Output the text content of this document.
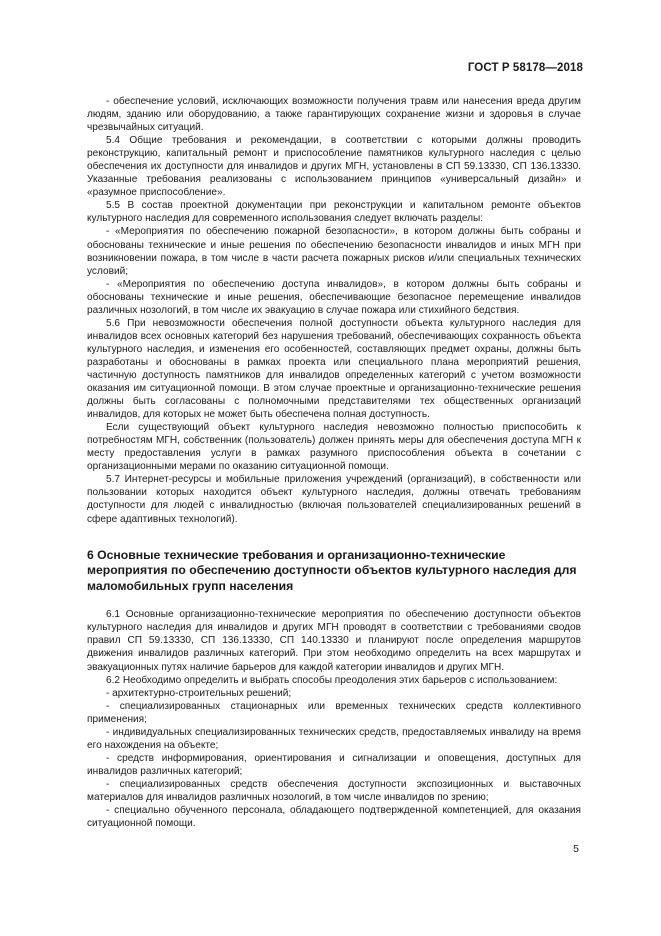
ГОСТ Р 58178—2018

- обеспечение условий, исключающих возможности получения травм или нанесения вреда другим людям, зданию или оборудованию, а также гарантирующих сохранение жизни и здоровья в случае чрезвычайных ситуаций.

5.4 Общие требования и рекомендации, в соответствии с которыми должны проводить реконструкцию, капитальный ремонт и приспособление памятников культурного наследия с целью обеспечения их доступности для инвалидов и других МГН, установлены в СП 59.13330, СП 136.13330. Указанные требования реализованы с использованием принципов «универсальный дизайн» и «разумное приспособление».

5.5 В состав проектной документации при реконструкции и капитальном ремонте объектов культурного наследия для современного использования следует включать разделы:

- «Мероприятия по обеспечению пожарной безопасности», в котором должны быть собраны и обоснованы технические и иные решения по обеспечению безопасности инвалидов и иных МГН при возникновении пожара, в том числе в части расчета пожарных рисков и/или специальных технических условий;

- «Мероприятия по обеспечению доступа инвалидов», в котором должны быть собраны и обоснованы технические и иные решения, обеспечивающие безопасное перемещение инвалидов различных нозологий, в том числе их эвакуацию в случае пожара или стихийного бедствия.

5.6 При невозможности обеспечения полной доступности объекта культурного наследия для инвалидов всех основных категорий без нарушения требований, обеспечивающих сохранность объекта культурного наследия, и изменения его особенностей, составляющих предмет охраны, должны быть разработаны и обоснованы в рамках проекта или специального плана мероприятий решения, частичную доступность памятников для инвалидов определенных категорий с учетом возможности оказания им ситуационной помощи. В этом случае проектные и организационно-технические решения должны быть согласованы с полномочными представителями тех общественных организаций инвалидов, для которых не может быть обеспечена полная доступность.

Если существующий объект культурного наследия невозможно полностью приспособить к потребностям МГН, собственник (пользователь) должен принять меры для обеспечения доступа МГН к месту предоставления услуги в рамках разумного приспособления объекта в сочетании с организационными мерами по оказанию ситуационной помощи.

5.7 Интернет-ресурсы и мобильные приложения учреждений (организаций), в собственности или пользовании которых находится объект культурного наследия, должны отвечать требованиям доступности для людей с инвалидностью (включая пользователей специализированных решений в сфере адаптивных технологий).

6 Основные технические требования и организационно-технические мероприятия по обеспечению доступности объектов культурного наследия для маломобильных групп населения

6.1 Основные организационно-технические мероприятия по обеспечению доступности объектов культурного наследия для инвалидов и других МГН проводят в соответствии с требованиями сводов правил СП 59.13330, СП 136.13330, СП 140.13330 и планируют после определения маршрутов движения инвалидов различных категорий. При этом необходимо определить на всех маршрутах и эвакуационных путях наличие барьеров для каждой категории инвалидов и других МГН.

6.2 Необходимо определить и выбрать способы преодоления этих барьеров с использованием:

- архитектурно-строительных решений;

- специализированных стационарных или временных технических средств коллективного применения;

- индивидуальных специализированных технических средств, предоставляемых инвалиду на время его нахождения на объекте;

- средств информирования, ориентирования и сигнализации и оповещения, доступных для инвалидов различных категорий;

- специализированных средств обеспечения доступности экспозиционных и выставочных материалов для инвалидов различных нозологий, в том числе инвалидов по зрению;

- специально обученного персонала, обладающего подтвержденной компетенцией, для оказания ситуационной помощи.

5
